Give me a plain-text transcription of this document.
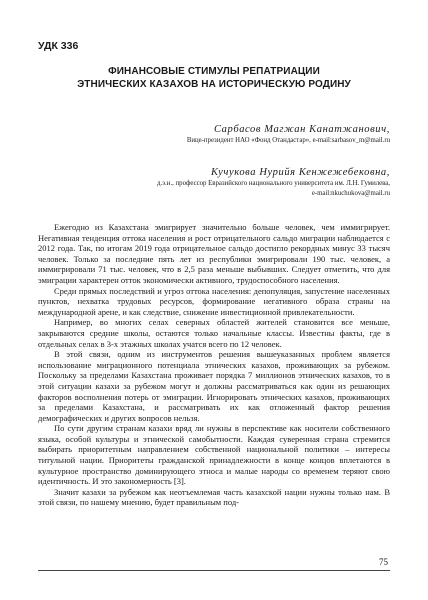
УДК 336
ФИНАНСОВЫЕ СТИМУЛЫ РЕПАТРИАЦИИ
ЭТНИЧЕСКИХ КАЗАХОВ НА ИСТОРИЧЕСКУЮ РОДИНУ
Сарбасов Магжан Канатжанович,
Вице-президент НАО «Фонд Отандастар», e-mail:sarbasov_m@mail.ru
Кучукова Нурийя Кенжежебековна,
д.э.н., профессор Евразийского национального университета им. Л.Н. Гумилева,
e-mail:nkuchukova@mail.ru

Ежегодно из Казахстана эмигрирует значительно больше человек, чем иммигрирует. Негативная тенденция оттока населения и рост отрицательного сальдо миграции наблюдается с 2012 года. Так, по итогам 2019 года отрицательное сальдо достигло рекордных минус 33 тысяч человек. Только за последние пять лет из республики эмигрировали 190 тыс. человек, а иммигрировали 71 тыс. человек, что в 2,5 раза меньше выбывших. Следует отметить, что для эмиграции характерен отток экономически активного, трудоспособного населения.

Среди прямых последствий и угроз оттока населения: депопуляция, запустение населенных пунктов, нехватка трудовых ресурсов, формирование негативного образа страны на международной арене, и как следствие, снижение инвестиционной привлекательности.

Например, во многих селах северных областей жителей становится все меньше, закрываются средние школы, остаются только начальные классы. Известны факты, где в отдельных селах в 3-х этажных школах учатся всего по 12 человек.

В этой связи, одним из инструментов решения вышеуказанных проблем является использование миграционного потенциала этнических казахов, проживающих за рубежом. Поскольку за пределами Казахстана проживает порядка 7 миллионов этнических казахов, то в этой ситуации казахи за рубежом могут и должны рассматриваться как один из решающих факторов восполнения потерь от эмиграции. Игнорировать этнических казахов, проживающих за пределами Казахстана, и рассматривать их как отложенный фактор решения демографических и других вопросов нельзя.

По сути другим странам казахи вряд ли нужны в перспективе как носители собственного языка, особой культуры и этнической самобытности. Каждая суверенная страна стремится выбирать приоритетным направлением собственной национальной политики – интересы титульной нации. Приоритеты гражданской принадлежности в конце концов вплетаются в культурное пространство доминирующего этноса и малые народы со временем теряют свою идентичность. И это закономерность [3].

Значит казахи за рубежом как неотъемлемая часть казахской нации нужны только нам. В этой связи, по нашему мнению, будет правильным под-

75
